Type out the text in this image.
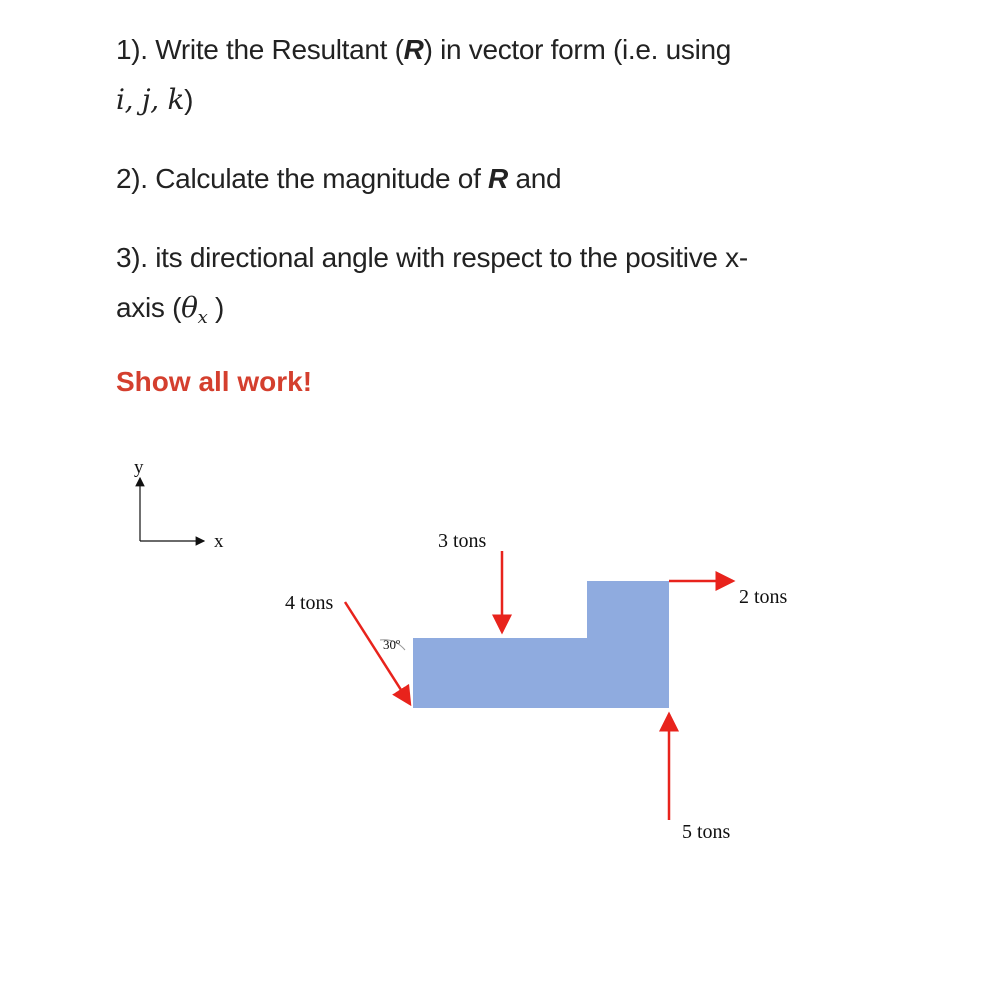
1). Write the Resultant (R) in vector form (i.e. using
i, j, k)
2). Calculate the magnitude of R and
3). its directional angle with respect to the positive x-
axis ($\theta_x$ )
Show all work!
y
x	3 tons
2 tons
4 tons
30º
5 tons
